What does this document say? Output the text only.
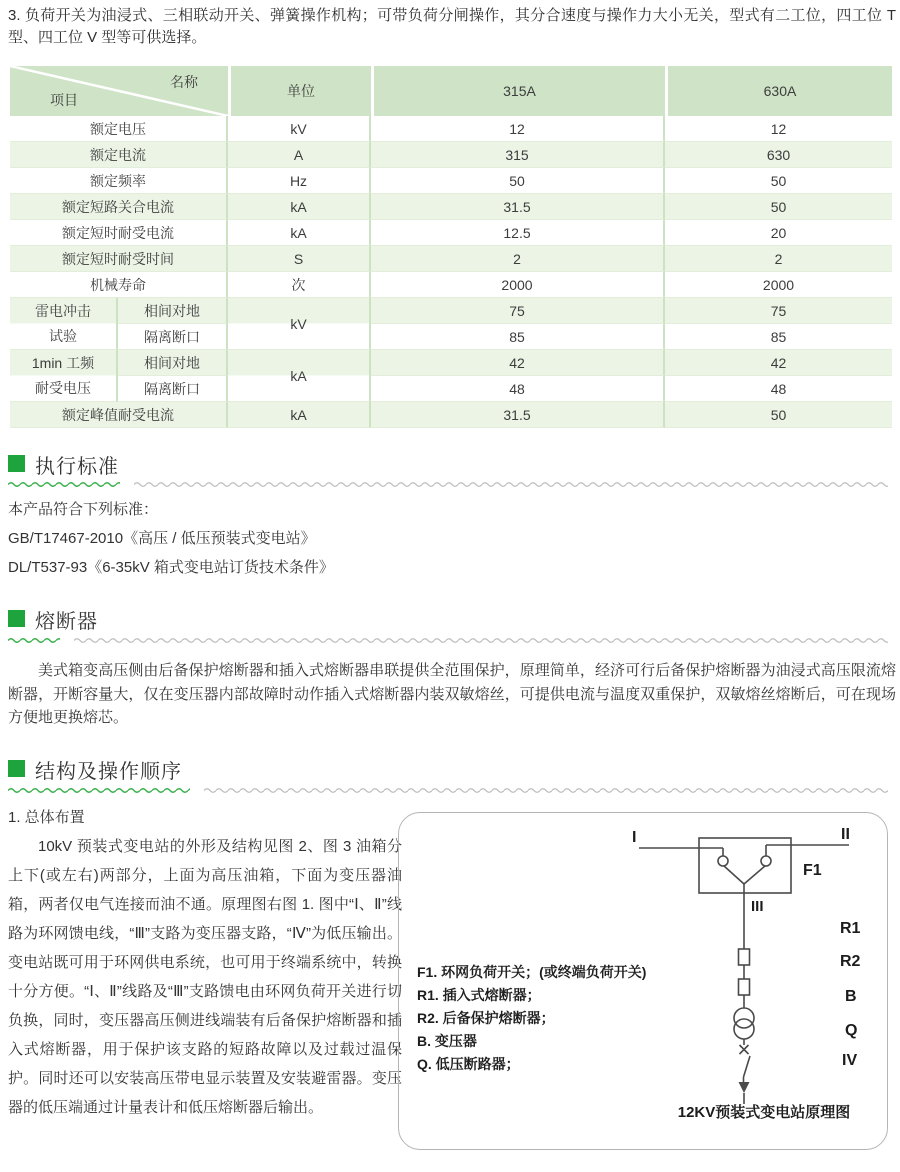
3. 负荷开关为油浸式、三相联动开关、弹簧操作机构；可带负荷分闸操作，其分合速度与操作力大小无关，型式有二工位，四工位 T 型、四工位 V 型等可供选择。

名称
项目		单位	315A	630A
额定电压		kV	12	12
额定电流		A	315	630
额定频率		Hz	50	50
额定短路关合电流		kA	31.5	50
额定短时耐受电流		kA	12.5	20
额定短时耐受时间		S	2	2
机械寿命		次	2000	2000

雷电冲击
试验	相间对地	kV	75	75
	隔离断口		85	85

1min 工频
耐受电压	相间对地	kA	42	42
	隔离断口		48	48
额定峰值耐受电流		kA	31.5	50
执行标准

本产品符合下列标准：

GB/T17467-2010《高压 / 低压预装式变电站》

DL/T537-93《6-35kV 箱式变电站订货技术条件》

熔断器

美式箱变高压侧由后备保护熔断器和插入式熔断器串联提供全范围保护，原理简单，经济可行后备保护熔断器为油浸式高压限流熔断器，开断容量大，仅在变压器内部故障时动作插入式熔断器内装双敏熔丝，可提供电流与温度双重保护，双敏熔丝熔断后，可在现场方便地更换熔芯。

结构及操作顺序

1. 总体布置

10kV 预装式变电站的外形及结构见图 2、图 3 油箱分上下(或左右)两部分，上面为高压油箱，下面为变压器油箱，两者仅电气连接而油不通。原理图右图 1. 图中“Ⅰ、Ⅱ”线路为环网馈电线，“Ⅲ”支路为变压器支路，“Ⅳ”为低压输出。变电站既可用于环网供电系统，也可用于终端系统中，转换十分方便。“Ⅰ、Ⅱ”线路及“Ⅲ”支路馈电由环网负荷开关进行切负换，同时，变压器高压侧进线端装有后备保护熔断器和插入式熔断器，用于保护该支路的短路故障以及过载过温保护。同时还可以安装高压带电显示装置及安装避雷器。变压器的低压端通过计量表计和低压熔断器后输出。

I	II
III
F1
R1
R2
B
Q
IV
F1. 环网负荷开关；(或终端负荷开关)
R1. 插入式熔断器；
R2. 后备保护熔断器；
B. 变压器
Q. 低压断路器；
12KV预装式变电站原理图
